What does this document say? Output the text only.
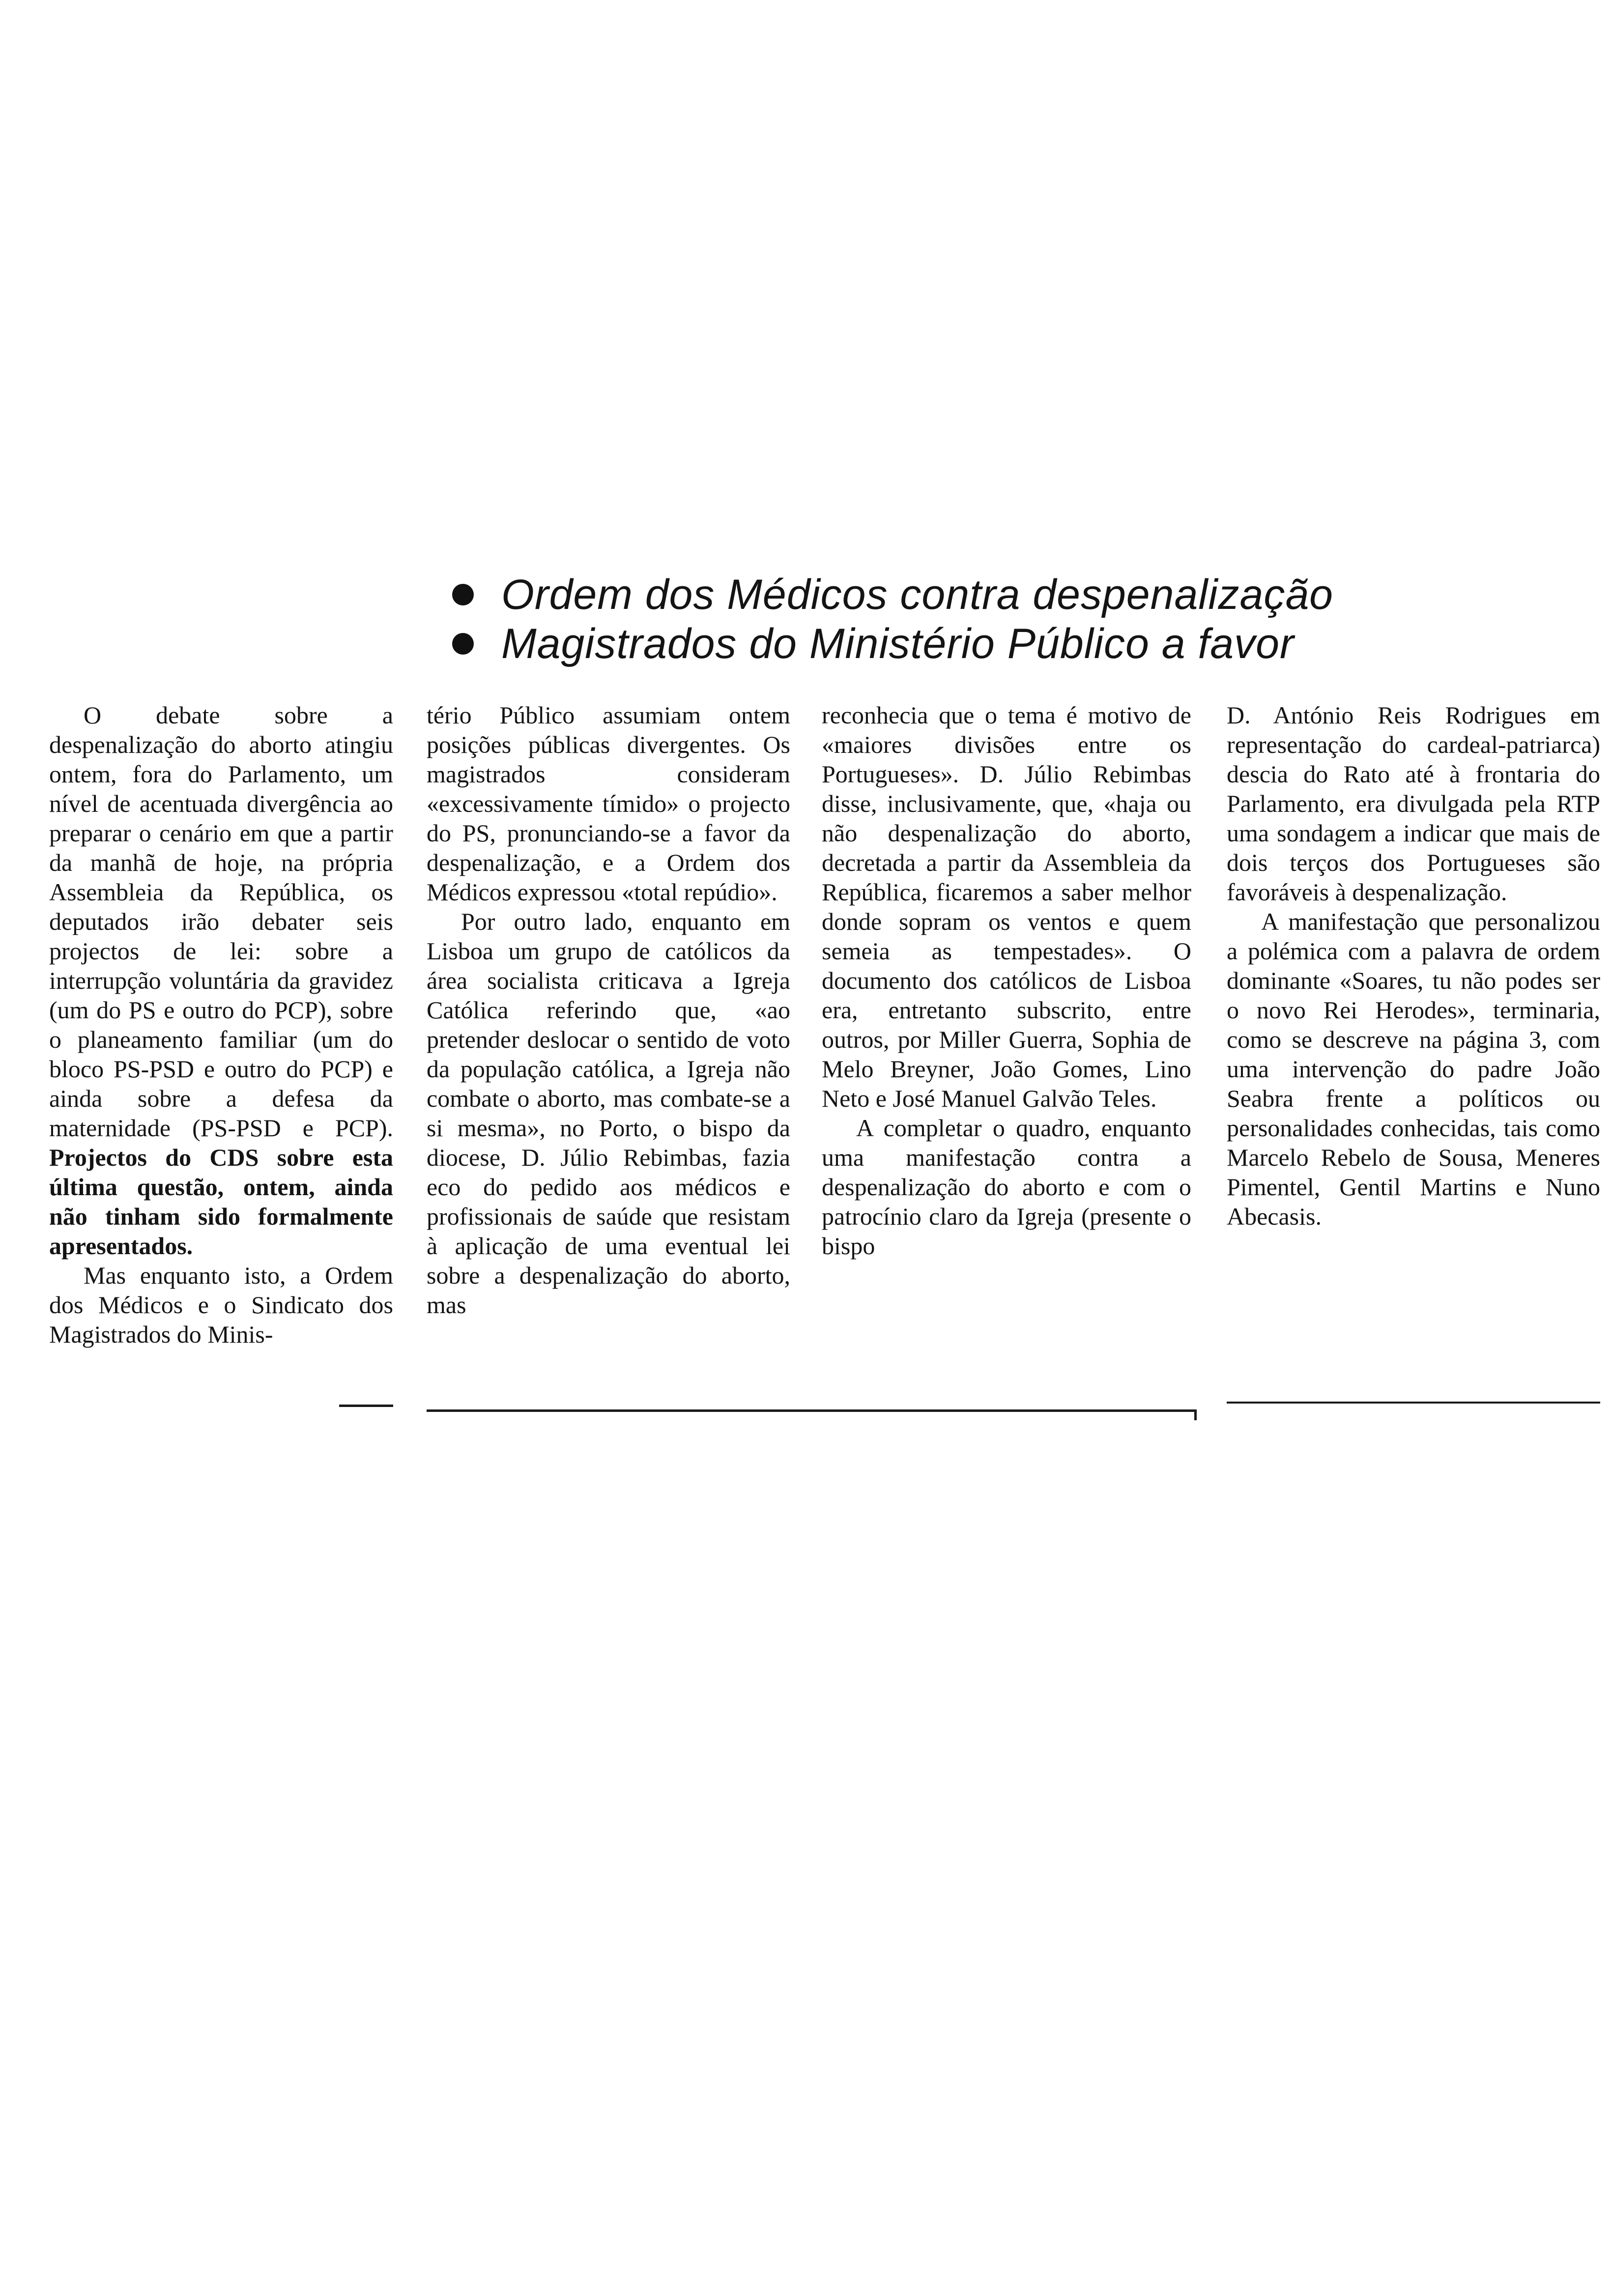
Ordem dos Médicos contra despenalização
Magistrados do Ministério Público a favor

O debate sobre a despenalização do aborto atingiu ontem, fora do Parlamento, um nível de acentuada divergência ao preparar o cenário em que a partir da manhã de hoje, na própria Assembleia da República, os deputados irão debater seis projectos de lei: sobre a interrupção voluntária da gravidez (um do PS e outro do PCP), sobre o planeamento familiar (um do bloco PS-PSD e outro do PCP) e ainda sobre a defesa da maternidade (PS-PSD e PCP). Projectos do CDS sobre esta última questão, ontem, ainda não tinham sido formalmente apresentados.

Mas enquanto isto, a Ordem dos Médicos e o Sindicato dos Magistrados do Minis-

tério Público assumiam ontem posições públicas divergentes. Os magistrados consideram «excessivamente tímido» o projecto do PS, pronunciando-se a favor da despenalização, e a Ordem dos Médicos expressou «total repúdio».

Por outro lado, enquanto em Lisboa um grupo de católicos da área socialista criticava a Igreja Católica referindo que, «ao pretender deslocar o sentido de voto da população católica, a Igreja não combate o aborto, mas combate-se a si mesma», no Porto, o bispo da diocese, D. Júlio Rebimbas, fazia eco do pedido aos médicos e profissionais de saúde que resistam à aplicação de uma eventual lei sobre a despenalização do aborto, mas

reconhecia que o tema é motivo de «maiores divisões entre os Portugueses». D. Júlio Rebimbas disse, inclusivamente, que, «haja ou não despenalização do aborto, decretada a partir da Assembleia da República, ficaremos a saber melhor donde sopram os ventos e quem semeia as tempestades». O documento dos católicos de Lisboa era, entretanto subscrito, entre outros, por Miller Guerra, Sophia de Melo Breyner, João Gomes, Lino Neto e José Manuel Galvão Teles.

A completar o quadro, enquanto uma manifestação contra a despenalização do aborto e com o patrocínio claro da Igreja (presente o bispo

D. António Reis Rodrigues em representação do cardeal-patriarca) descia do Rato até à frontaria do Parlamento, era divulgada pela RTP uma sondagem a indicar que mais de dois terços dos Portugueses são favoráveis à despenalização.

A manifestação que personalizou a polémica com a palavra de ordem dominante «Soares, tu não podes ser o novo Rei Herodes», terminaria, como se descreve na página 3, com uma intervenção do padre João Seabra frente a políticos ou personalidades conhecidas, tais como Marcelo Rebelo de Sousa, Meneres Pimentel, Gentil Martins e Nuno Abecasis.
